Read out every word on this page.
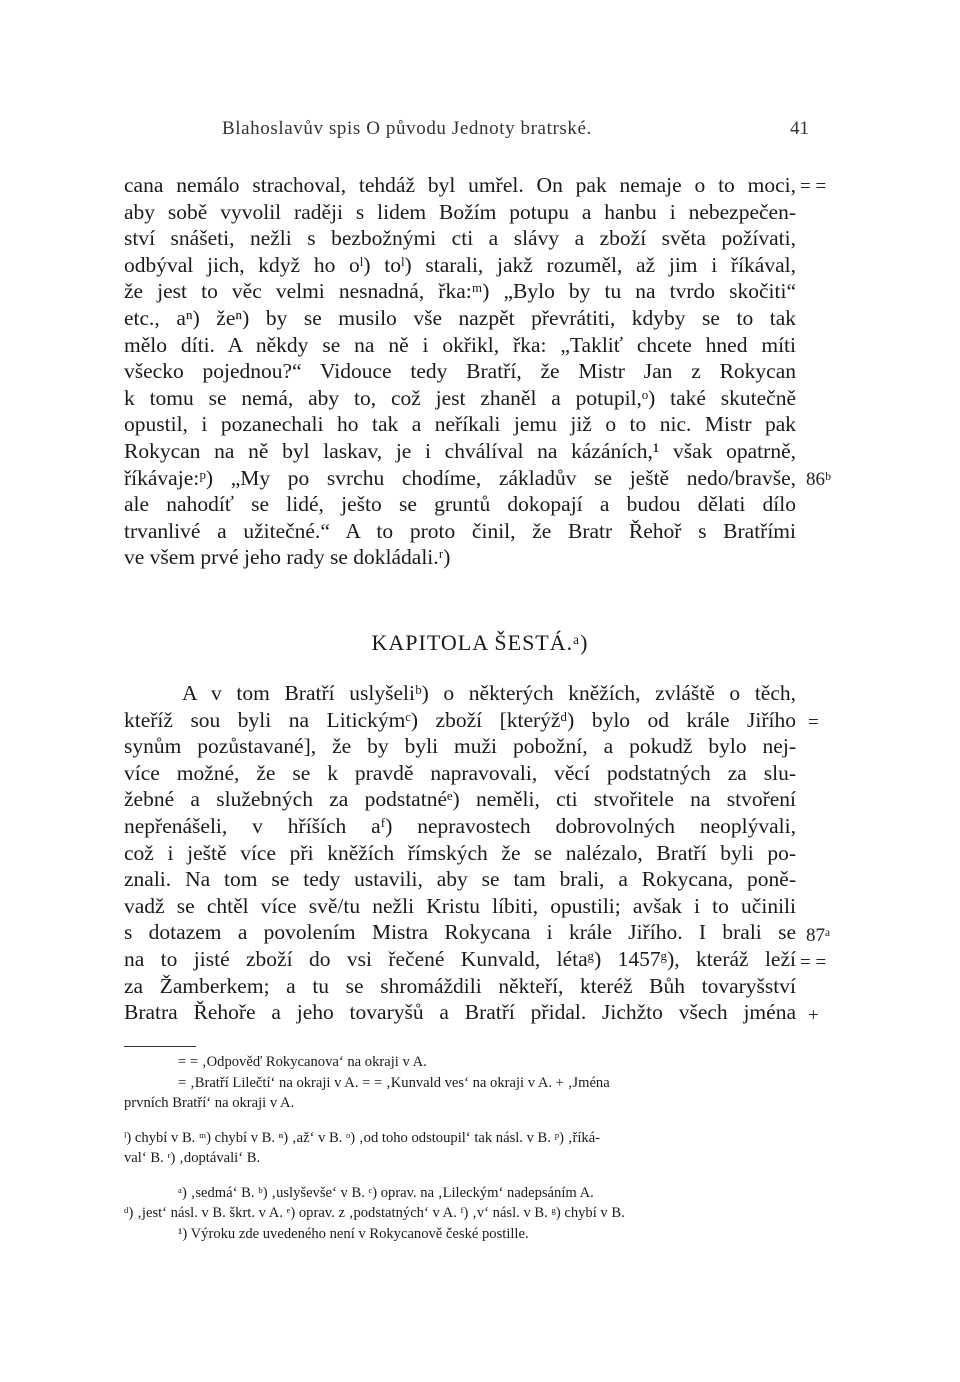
Blahoslavův spis O původu Jednoty bratrské.	41
cana nemálo strachoval, tehdáž byl umřel. On pak nemaje o to moci,
aby sobě vyvolil raději s lidem Božím potupu a hanbu i nebezpečen-
ství snášeti, nežli s bezbožnými cti a slávy a zboží světa požívati,
odbýval jich, když ho oˡ) toˡ) starali, jakž rozuměl, až jim i říkával,
že jest to věc velmi nesnadná, řka:ᵐ) „Bylo by tu na tvrdo skočiti“
etc., aⁿ) žeⁿ) by se musilo vše nazpět převrátiti, kdyby se to tak
mělo díti. A někdy se na ně i okřikl, řka: „Takliť chcete hned míti
všecko pojednou?“ Vidouce tedy Bratří, že Mistr Jan z Rokycan
k tomu se nemá, aby to, což jest zhaněl a potupil,ᵒ) také skutečně
opustil, i pozanechali ho tak a neříkali jemu již o to nic. Mistr pak
Rokycan na ně byl laskav, je i chválíval na kázáních,¹ však opatrně,
říkávaje:ᵖ) „My po svrchu chodíme, základův se ještě nedo/bravše,
ale nahodíť se lidé, ješto se gruntů dokopají a budou dělati dílo
trvanlivé a užitečné.“ A to proto činil, že Bratr Řehoř s Bratřími
ve všem prvé jeho rady se dokládali.ʳ)
KAPITOLA ŠESTÁ.ᵃ)
A v tom Bratří uslyšeliᵇ) o některých kněžích, zvláště o těch,
kteříž sou byli na Litickýmᶜ) zboží [kterýžᵈ) bylo od krále Jiřího
synům pozůstavané], že by byli muži pobožní, a pokudž bylo nej-
více možné, že se k pravdě napravovali, věcí podstatných za slu-
žebné a služebných za podstatnéᵉ) neměli, cti stvořitele na stvoření
nepřenášeli, v hříších aᶠ) nepravostech dobrovolných neoplývali,
což i ještě více při kněžích římských že se nalézalo, Bratří byli po-
znali. Na tom se tedy ustavili, aby se tam brali, a Rokycana, poně-
vadž se chtěl více svě/tu nežli Kristu líbiti, opustili; avšak i to učinili
s dotazem a povolením Mistra Rokycana i krále Jiřího. I brali se
na to jisté zboží do vsi řečené Kunvald, létaᵍ) 1457ᵍ), kteráž leží
za Žamberkem; a tu se shromáždili někteří, kteréž Bůh tovaryšství
Bratra Řehoře a jeho tovaryšů a Bratří přidal. Jichžto všech jména
= =
86ᵇ
=
87ᵃ
= =
+
= = ‚Odpověď Rokycanova‘ na okraji v A.
= ‚Bratří Lilečtí‘ na okraji v A. = = ‚Kunvald ves‘ na okraji v A. + ‚Jména
prvních Bratří‘ na okraji v A.
ˡ) chybí v B. ᵐ) chybí v B. ⁿ) ‚až‘ v B. ᵒ) ‚od toho odstoupil‘ tak násl. v B. ᵖ) ‚říká-
val‘ B. ʳ) ‚doptávali‘ B.
ᵃ) ‚sedmá‘ B. ᵇ) ‚uslyševše‘ v B. ᶜ) oprav. na ‚Lileckým‘ nadepsáním A.
ᵈ) ‚jest‘ násl. v B. škrt. v A. ᵉ) oprav. z ‚podstatných‘ v A. ᶠ) ‚v‘ násl. v B. ᵍ) chybí v B.
¹) Výroku zde uvedeného není v Rokycanově české postille.
